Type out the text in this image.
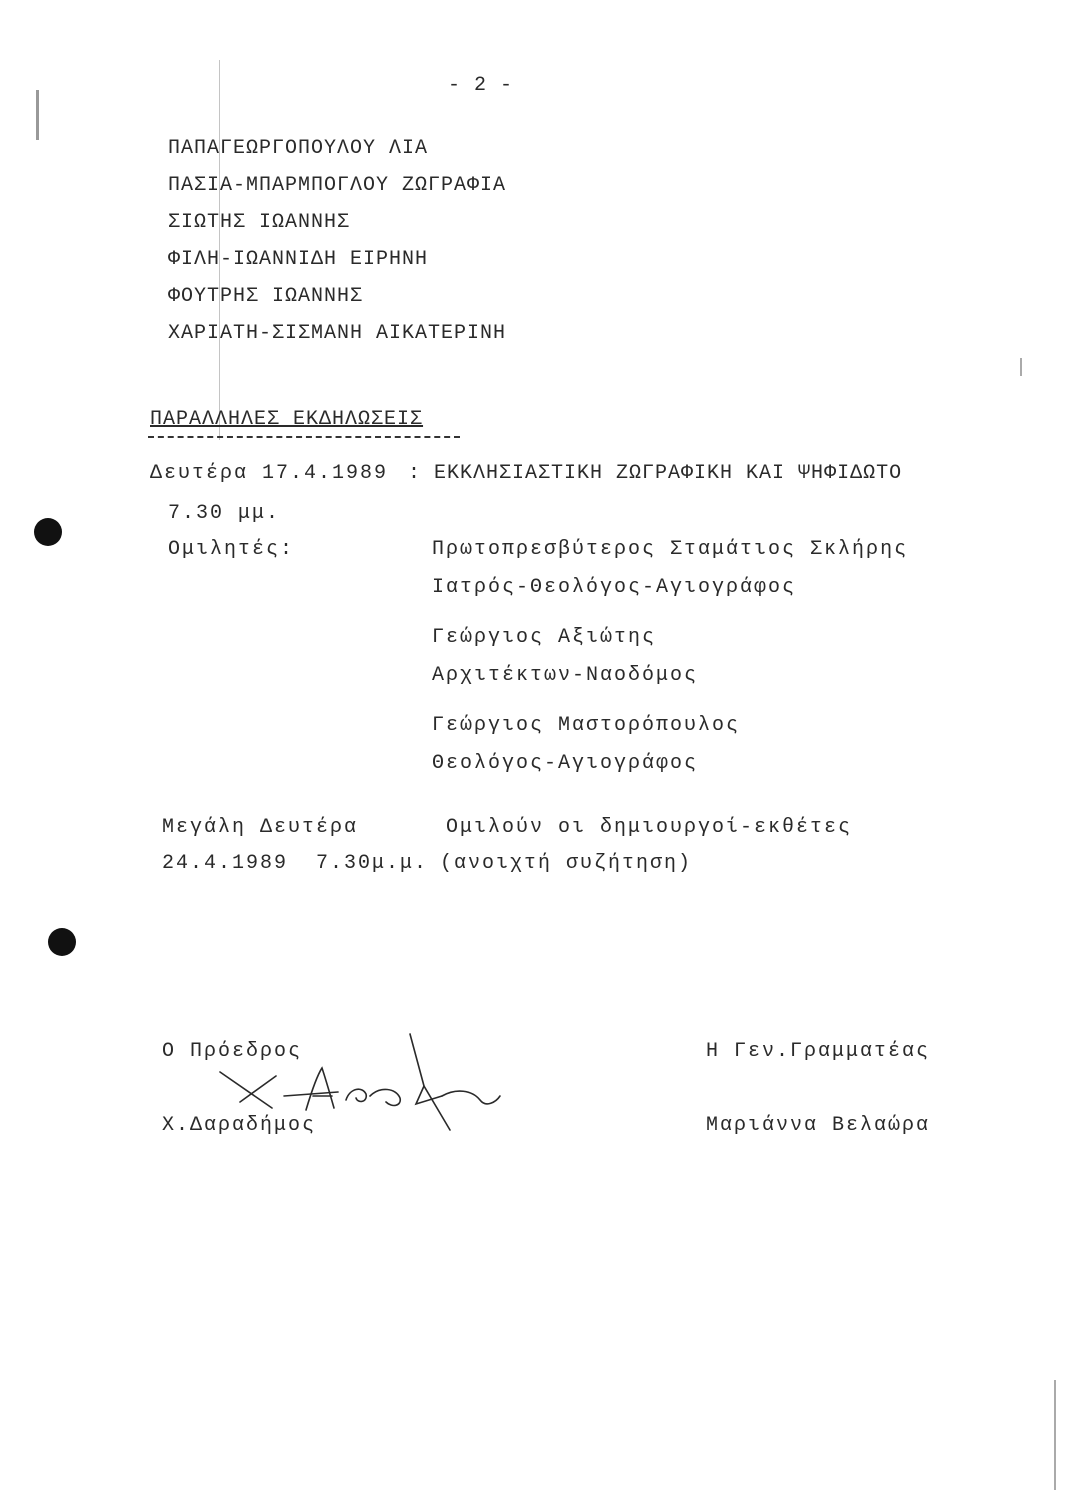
- 2 -
ΠΑΠΑΓΕΩΡΓΟΠΟΥΛΟΥ ΛΙΑ
ΠΑΣΙΑ-ΜΠΑΡΜΠΟΓΛΟΥ ΖΩΓΡΑΦΙΑ
ΣΙΩΤΗΣ ΙΩΑΝΝΗΣ
ΦΙΛΗ-ΙΩΑΝΝΙΔΗ ΕΙΡΗΝΗ
ΦΟΥΤΡΗΣ ΙΩΑΝΝΗΣ
ΧΑΡΙΑΤΗ-ΣΙΣΜΑΝΗ ΑΙΚΑΤΕΡΙΝΗ
ΠΑΡΑΛΛΗΛΕΣ ΕΚΔΗΛΩΣΕΙΣ
Δευτέρα 17.4.1989 : ΕΚΚΛΗΣΙΑΣΤΙΚΗ ΖΩΓΡΑΦΙΚΗ ΚΑΙ ΨΗΦΙΔΩΤΟ
7.30 μμ.
Ομιλητές:	Πρωτοπρεσβύτερος Σταμάτιος Σκλήρης
Ιατρός-Θεολόγος-Αγιογράφος
Γεώργιος Αξιώτης
Αρχιτέκτων-Ναοδόμος
Γεώργιος Μαστορόπουλος
Θεολόγος-Αγιογράφος
Μεγάλη Δευτέρα
24.4.1989  7.30μ.μ.
Ομιλούν οι δημιουργοί-εκθέτες
(ανοιχτή συζήτηση)
Ο Πρόεδρος
Χ.Δαραδήμος
Η Γεν.Γραμματέας
Μαριάννα Βελαώρα
